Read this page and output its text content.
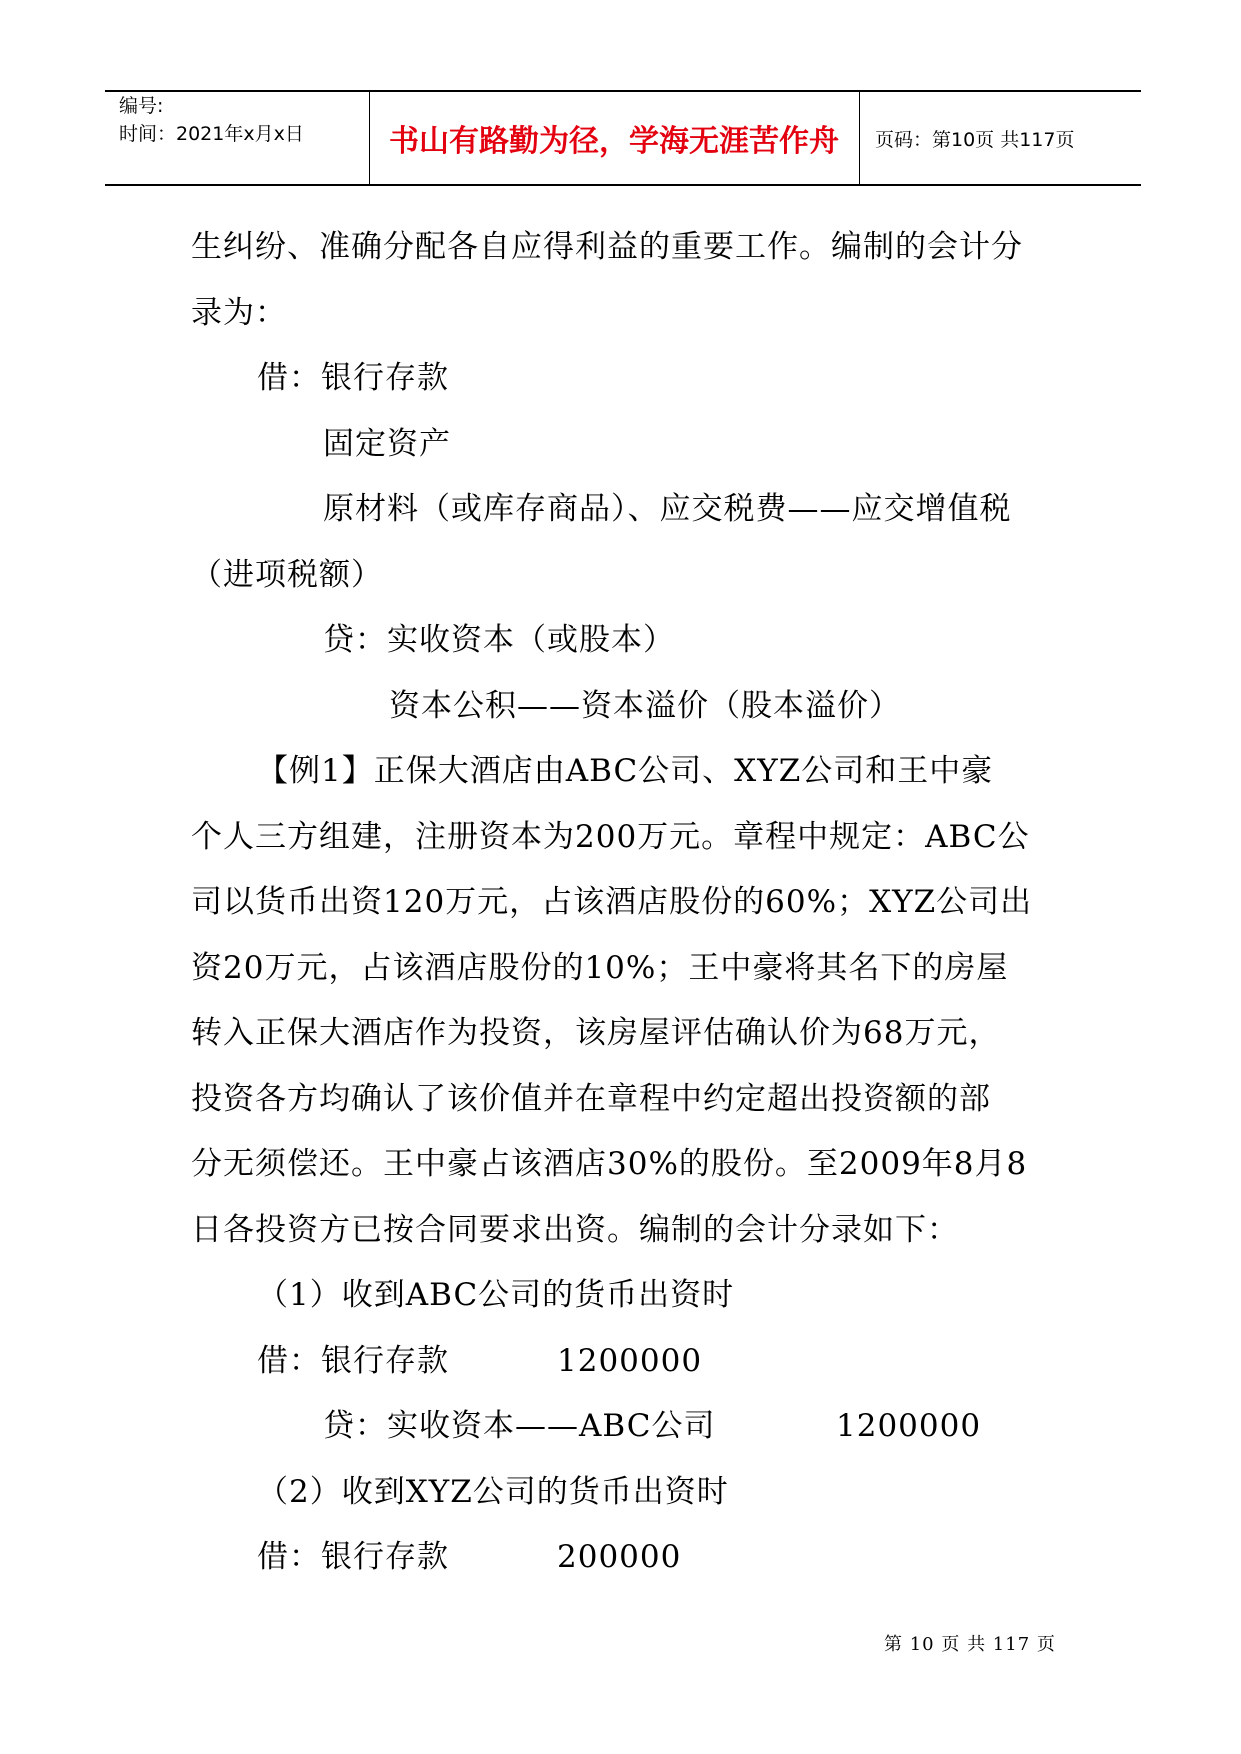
编号:
时间：2021年x月x日	书山有路勤为径，学海无涯苦作舟	页码：第10页 共117页

生纠纷、准确分配各自应得利益的重要工作。编制的会计分

录为：

借：银行存款

固定资产

原材料（或库存商品）、应交税费——应交增值税

（进项税额）

贷：实收资本（或股本）

资本公积——资本溢价（股本溢价）

【例1】正保大酒店由ABC公司、XYZ公司和王中豪

个人三方组建，注册资本为200万元。章程中规定：ABC公

司以货币出资120万元，占该酒店股份的60%；XYZ公司出

资20万元，占该酒店股份的10%；王中豪将其名下的房屋

转入正保大酒店作为投资，该房屋评估确认价为68万元，

投资各方均确认了该价值并在章程中约定超出投资额的部

分无须偿还。王中豪占该酒店30%的股份。至2009年8月8

日各投资方已按合同要求出资。编制的会计分录如下：

（1）收到ABC公司的货币出资时

借：银行存款	1200000

贷：实收资本——ABC公司	1200000

（2）收到XYZ公司的货币出资时

借：银行存款	200000

第 10 页 共 117 页
